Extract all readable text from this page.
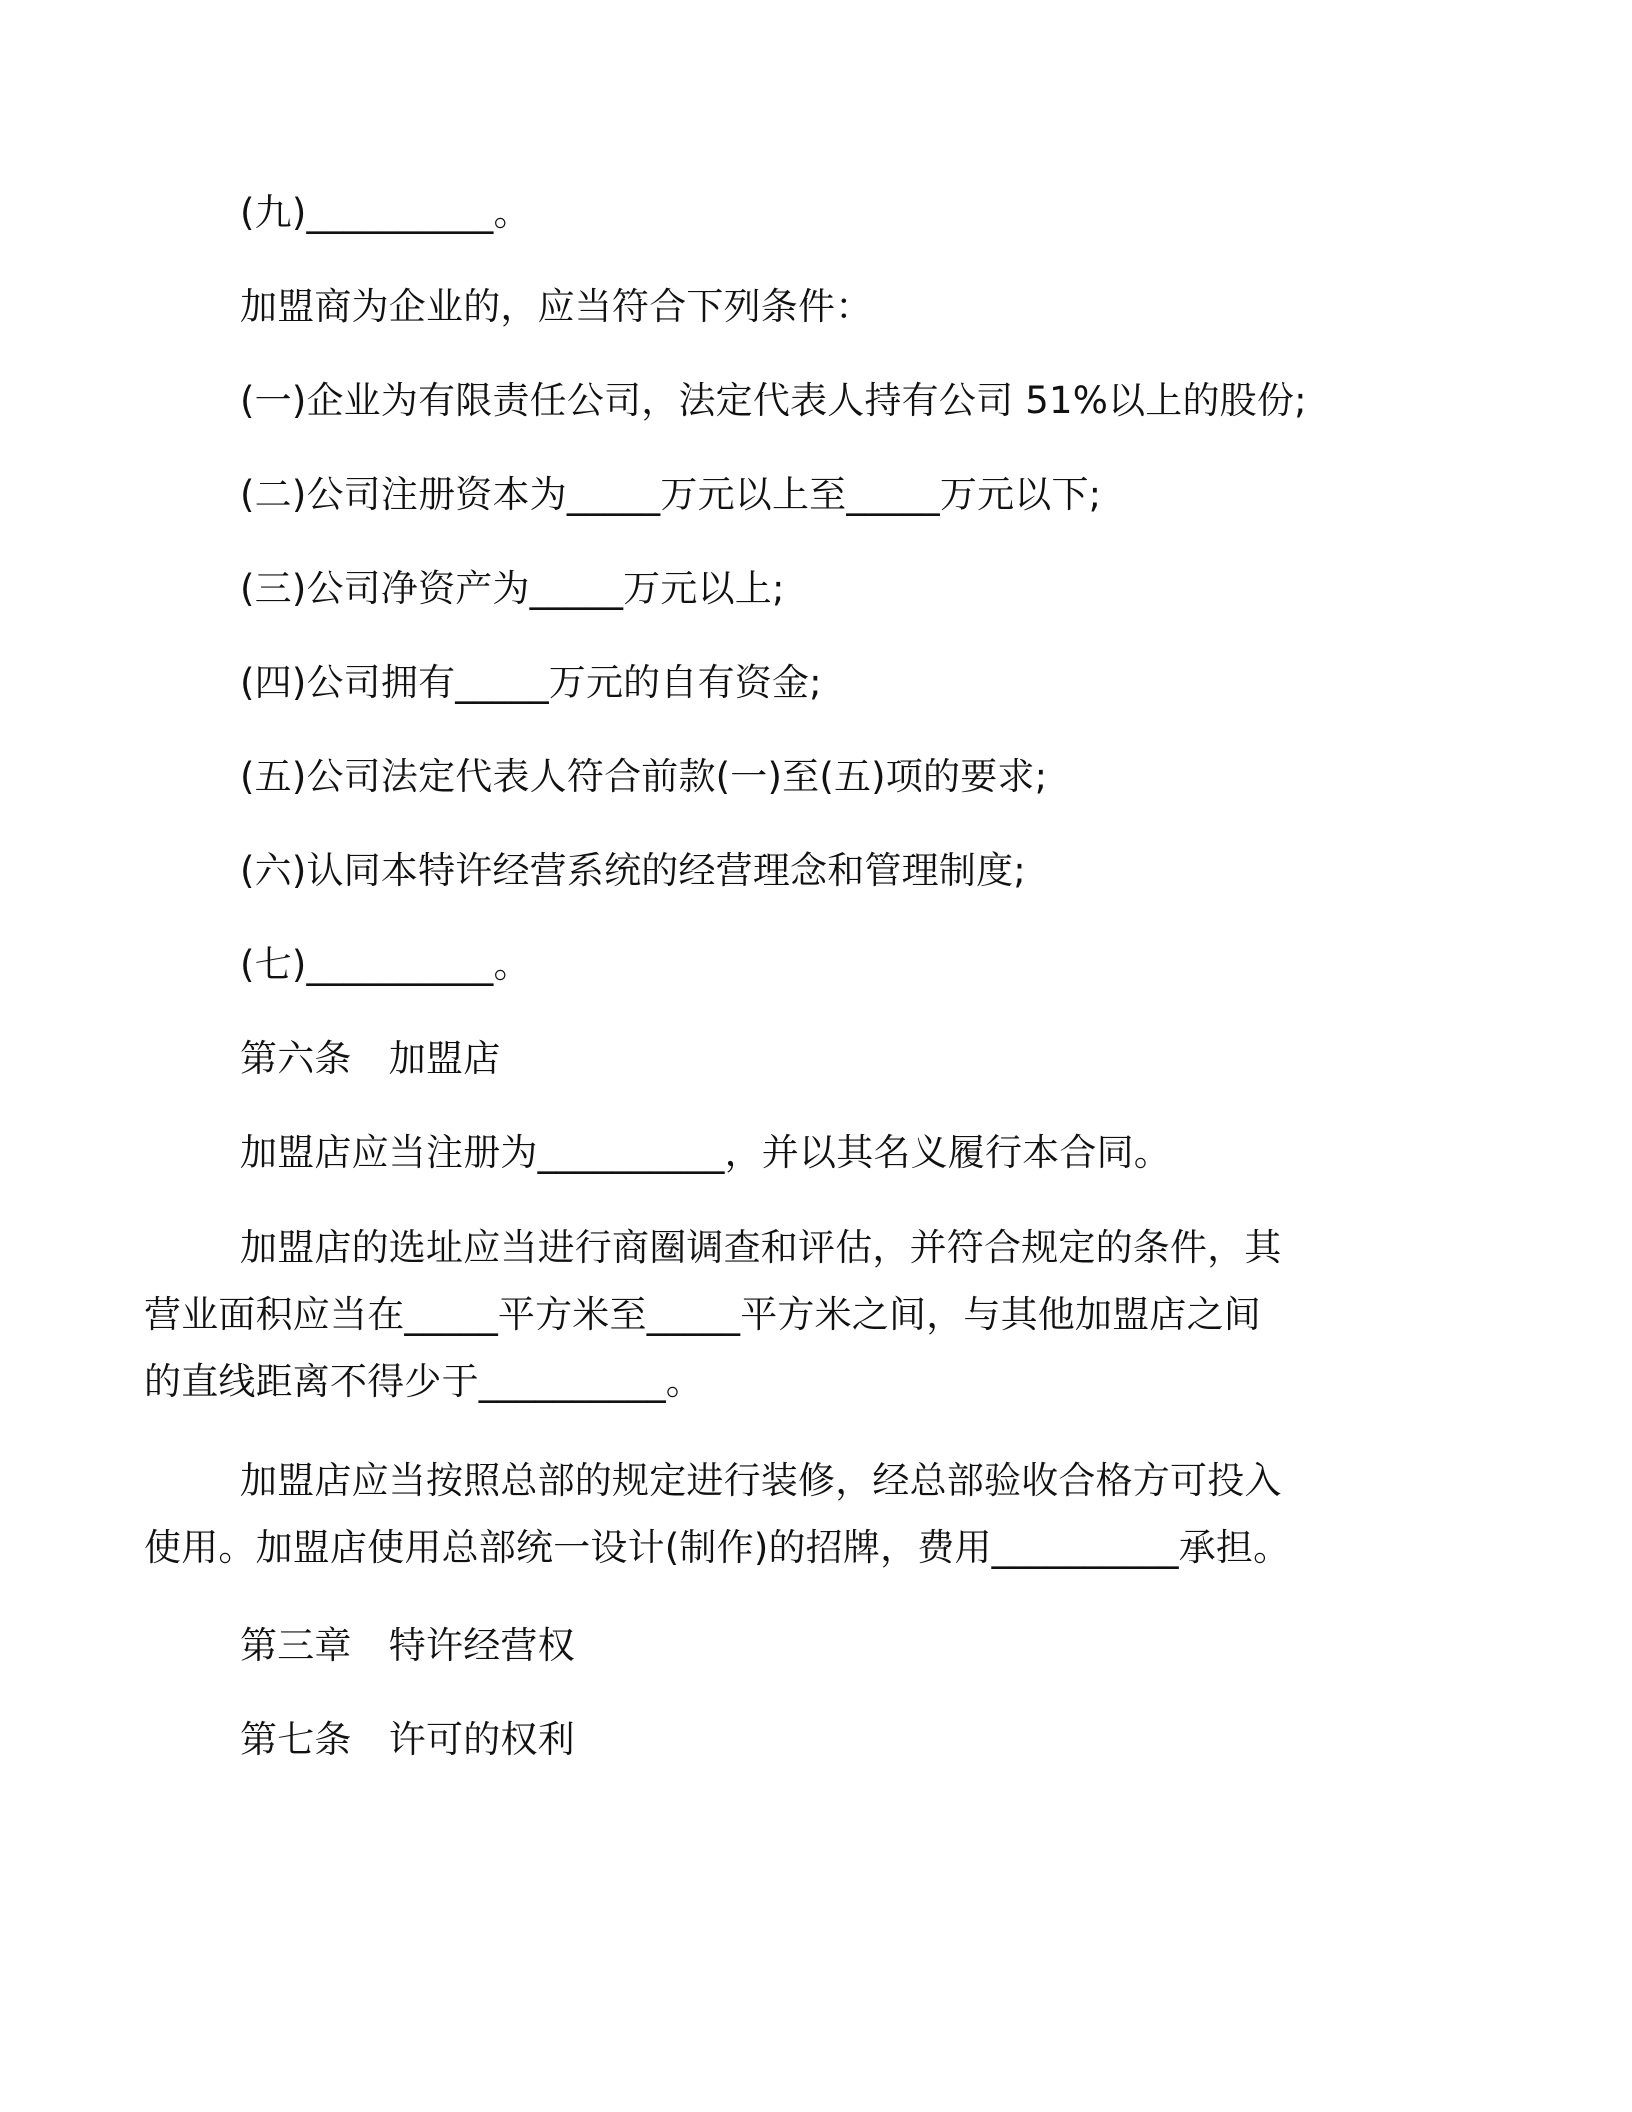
(九)__________。

加盟商为企业的，应当符合下列条件：

(一)企业为有限责任公司，法定代表人持有公司 51%以上的股份;

(二)公司注册资本为_____万元以上至_____万元以下;

(三)公司净资产为_____万元以上;

(四)公司拥有_____万元的自有资金;

(五)公司法定代表人符合前款(一)至(五)项的要求;

(六)认同本特许经营系统的经营理念和管理制度;

(七)__________。

第六条　加盟店

加盟店应当注册为__________，并以其名义履行本合同。

加盟店的选址应当进行商圈调查和评估，并符合规定的条件，其

营业面积应当在_____平方米至_____平方米之间，与其他加盟店之间

的直线距离不得少于__________。

加盟店应当按照总部的规定进行装修，经总部验收合格方可投入

使用。加盟店使用总部统一设计(制作)的招牌，费用__________承担。

第三章　特许经营权

第七条　许可的权利
